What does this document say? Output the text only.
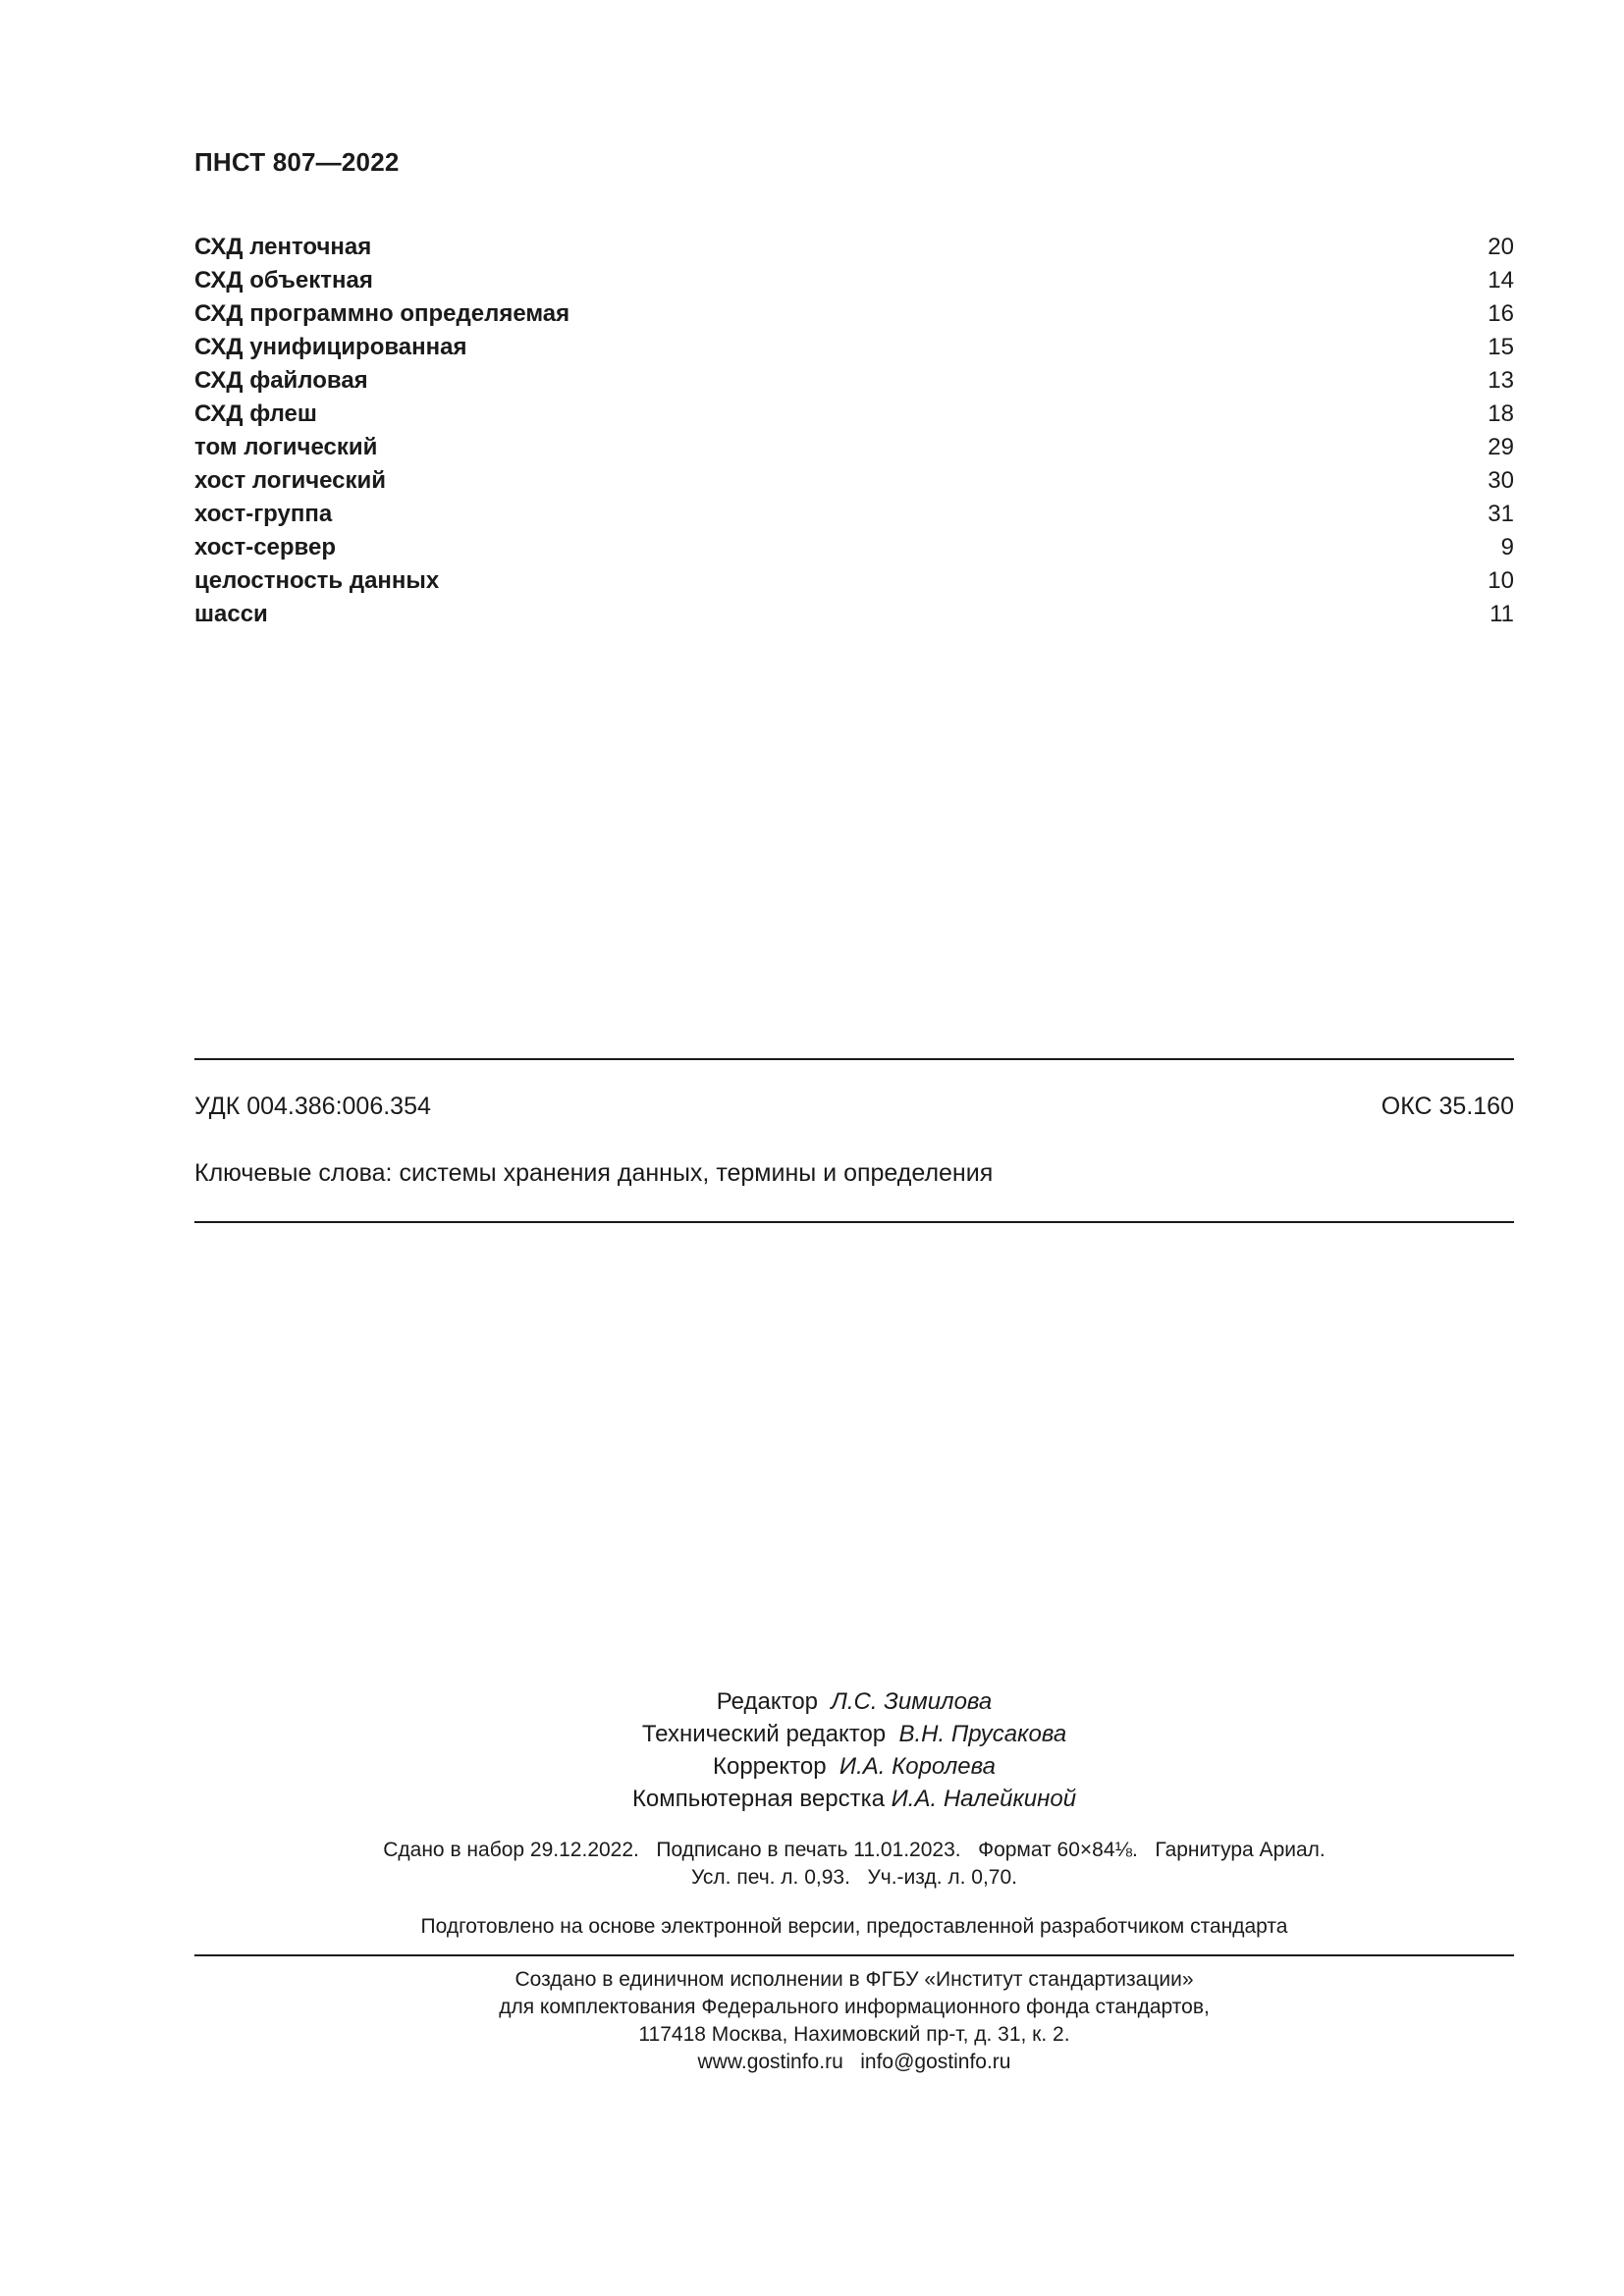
ПНСТ 807—2022
СХД ленточная	20
СХД объектная	14
СХД программно определяемая	16
СХД унифицированная	15
СХД файловая	13
СХД флеш	18
том логический	29
хост логический	30
хост-группа	31
хост-сервер	9
целостность данных	10
шасси	11
УДК 004.386:006.354	ОКС 35.160
Ключевые слова: системы хранения данных, термины и определения
Редактор Л.С. Зимилова
Технический редактор В.Н. Прусакова
Корректор И.А. Королева
Компьютерная верстка И.А. Налейкиной
Сдано в набор 29.12.2022.   Подписано в печать 11.01.2023.   Формат 60×84⅛.   Гарнитура Ариал.
Усл. печ. л. 0,93.   Уч.-изд. л. 0,70.
Подготовлено на основе электронной версии, предоставленной разработчиком стандарта
Создано в единичном исполнении в ФГБУ «Институт стандартизации»
для комплектования Федерального информационного фонда стандартов,
117418 Москва, Нахимовский пр-т, д. 31, к. 2.
www.gostinfo.ru   info@gostinfo.ru
